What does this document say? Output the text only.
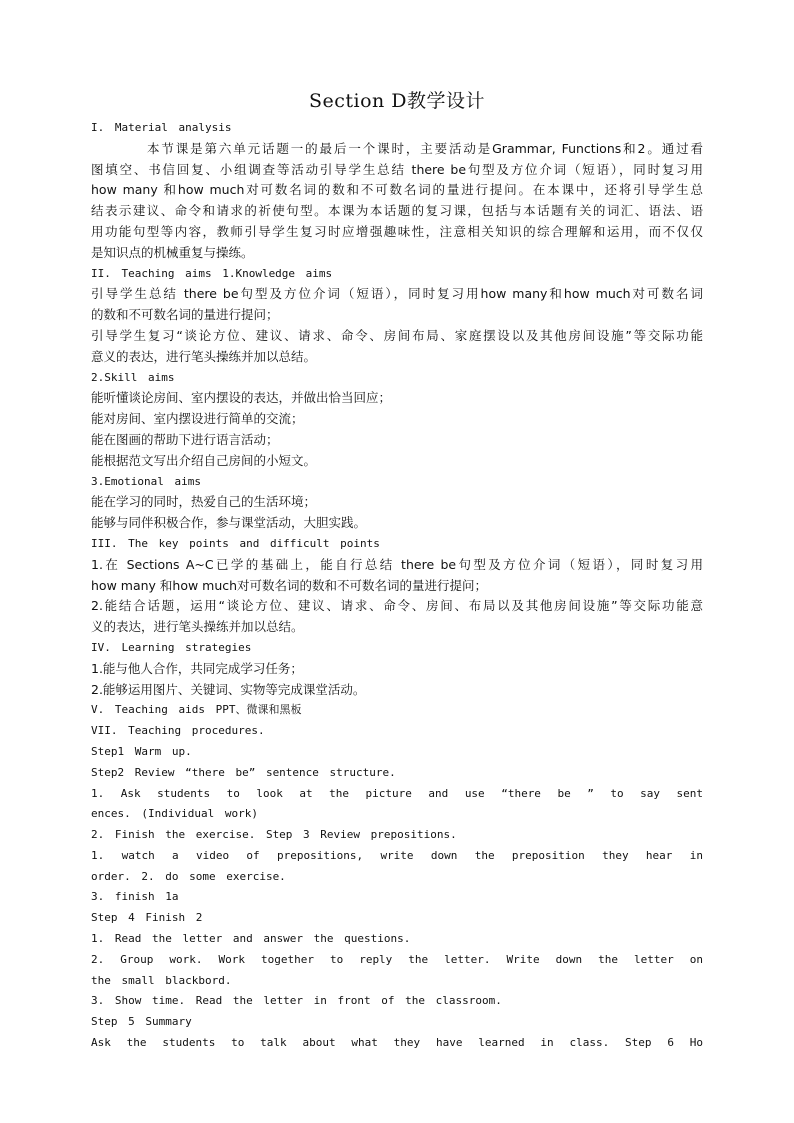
Section D教学设计
I. Material analysis
本节课是第六单元话题一的最后一个课时，主要活动是Grammar, Functions和2。通过看
图填空、书信回复、小组调查等活动引导学生总结 there be句型及方位介词（短语），同时复习用
how many 和how much对可数名词的数和不可数名词的量进行提问。在本课中，还将引导学生总
结表示建议、命令和请求的祈使句型。本课为本话题的复习课，包括与本话题有关的词汇、语法、语
用功能句型等内容，教师引导学生复习时应增强趣味性，注意相关知识的综合理解和运用，而不仅仅
是知识点的机械重复与操练。
II. Teaching aims 1.Knowledge aims
引导学生总结 there be句型及方位介词（短语），同时复习用how many和how much对可数名词
的数和不可数名词的量进行提问；
引导学生复习“谈论方位、建议、请求、命令、房间布局、家庭摆设以及其他房间设施”等交际功能
意义的表达，进行笔头操练并加以总结。
2.Skill aims
能听懂谈论房间、室内摆设的表达，并做出恰当回应；
能对房间、室内摆设进行简单的交流；
能在图画的帮助下进行语言活动；
能根据范文写出介绍自己房间的小短文。
3.Emotional aims
能在学习的同时，热爱自己的生活环境；
能够与同伴积极合作，参与课堂活动，大胆实践。
III. The key points and difficult points
1.在 Sections A~C已学的基础上，能自行总结 there be句型及方位介词（短语），同时复习用
how many 和how much对可数名词的数和不可数名词的量进行提问；
2.能结合话题，运用“谈论方位、建议、请求、命令、房间、布局以及其他房间设施”等交际功能意
义的表达，进行笔头操练并加以总结。
IV. Learning strategies
1.能与他人合作，共同完成学习任务；
2.能够运用图片、关键词、实物等完成课堂活动。
V. Teaching aids PPT、微课和黑板
VII. Teaching procedures.
Step1 Warm up.
Step2 Review “there be” sentence structure.
1. Ask students to look at the picture and use “there be ” to say sent
ences. (Individual work)
2. Finish the exercise. Step 3 Review prepositions.
1. watch a video of prepositions, write down the preposition they hear in
order. 2. do some exercise.
3. finish 1a
Step 4 Finish 2
1. Read the letter and answer the questions.
2. Group work. Work together to reply the letter. Write down the letter on
the small blackbord.
3. Show time. Read the letter in front of the classroom.
Step 5 Summary
Ask the students to talk about what they have learned in class. Step 6 Ho
